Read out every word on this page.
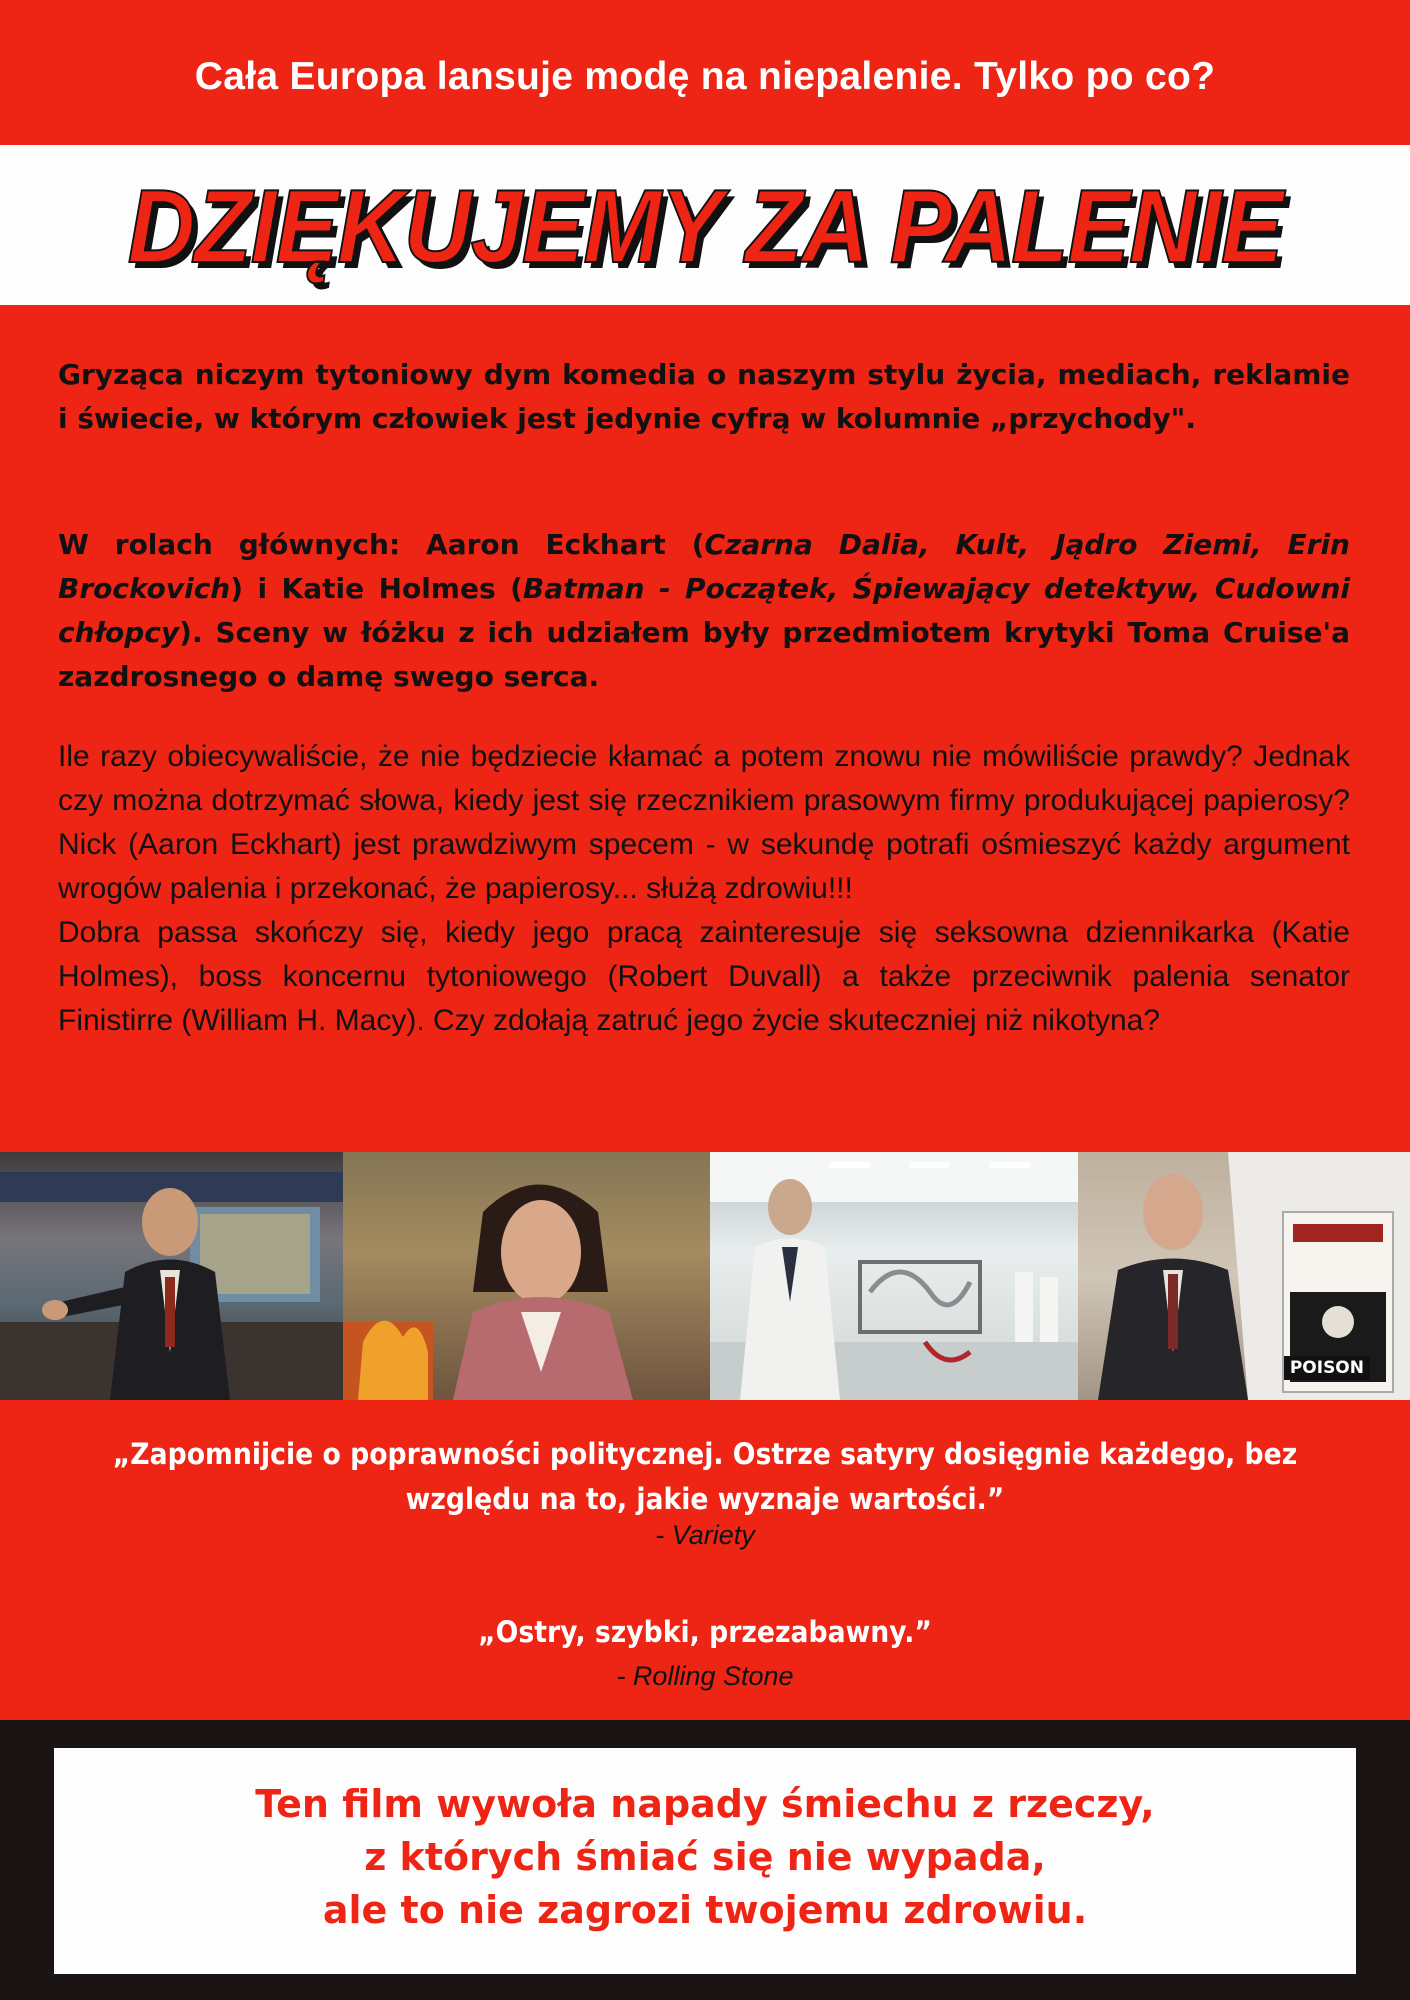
Cała Europa lansuje modę na niepalenie. Tylko po co?
DZIĘKUJEMY ZA PALENIE
Gryząca niczym tytoniowy dym komedia o naszym stylu życia, mediach, reklamie i świecie, w którym człowiek jest jedynie cyfrą w kolumnie „przychody".
W rolach głównych: Aaron Eckhart (Czarna Dalia, Kult, Jądro Ziemi, Erin Brockovich) i Katie Holmes (Batman - Początek, Śpiewający detektyw, Cudowni chłopcy). Sceny w łóżku z ich udziałem były przedmiotem krytyki Toma Cruise'a zazdrosnego o damę swego serca.

Ile razy obiecywaliście, że nie będziecie kłamać a potem znowu nie mówiliście prawdy? Jednak czy można dotrzymać słowa, kiedy jest się rzecznikiem prasowym firmy produkującej papierosy? Nick (Aaron Eckhart) jest prawdziwym specem - w sekundę potrafi ośmieszyć każdy argument wrogów palenia i przekonać, że papierosy... służą zdrowiu!!!

Dobra passa skończy się, kiedy jego pracą zainteresuje się seksowna dziennikarka (Katie Holmes), boss koncernu tytoniowego (Robert Duvall) a także przeciwnik palenia senator Finistirre (William H. Macy). Czy zdołają zatruć jego życie skuteczniej niż nikotyna?

POISON
„Zapomnijcie o poprawności politycznej. Ostrze satyry dosięgnie każdego, bez względu na to, jakie wyznaje wartości.”
- Variety
„Ostry, szybki, przezabawny.”
- Rolling Stone
Ten film wywoła napady śmiechu z rzeczy,
z których śmiać się nie wypada,
ale to nie zagrozi twojemu zdrowiu.
